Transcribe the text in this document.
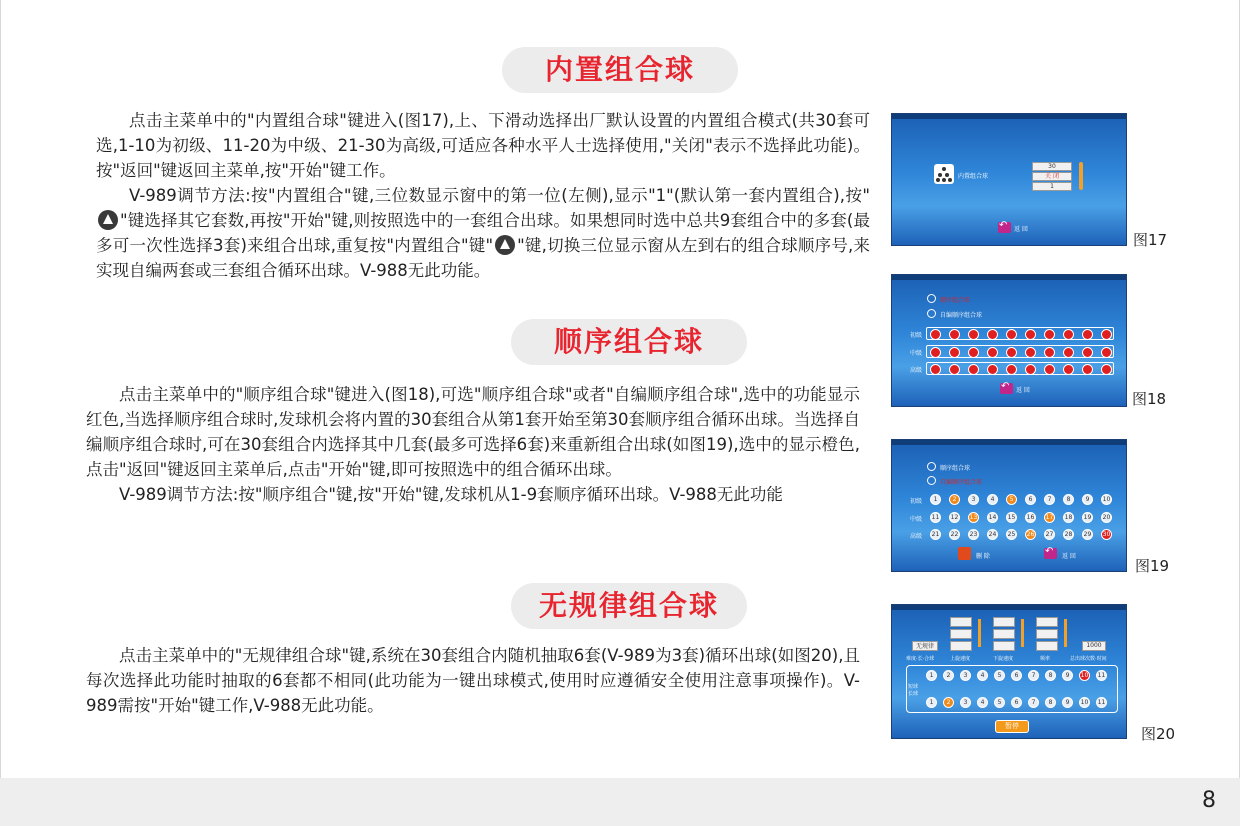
内置组合球

点击主菜单中的"内置组合球"键进入(图17),上、下滑动选择出厂默认设置的内置组合模式(共30套可选,1-10为初级、11-20为中级、21-30为高级,可适应各种水平人士选择使用,"关闭"表示不选择此功能)。按"返回"键返回主菜单,按"开始"键工作。

V-989调节方法:按"内置组合"键,三位数显示窗中的第一位(左侧),显示"1"(默认第一套内置组合),按""键选择其它套数,再按"开始"键,则按照选中的一套组合出球。如果想同时选中总共9套组合中的多套(最多可一次性选择3套)来组合出球,重复按"内置组合"键" "键,切换三位显示窗从左到右的组合球顺序号,来实现自编两套或三套组合循环出球。V-988无此功能。

顺序组合球

点击主菜单中的"顺序组合球"键进入(图18),可选"顺序组合球"或者"自编顺序组合球",选中的功能显示红色,当选择顺序组合球时,发球机会将内置的30套组合从第1套开始至第30套顺序组合循环出球。当选择自编顺序组合球时,可在30套组合内选择其中几套(最多可选择6套)来重新组合出球(如图19),选中的显示橙色,点击"返回"键返回主菜单后,点击"开始"键,即可按照选中的组合循环出球。

V-989调节方法:按"顺序组合"键,按"开始"键,发球机从1-9套顺序循环出球。V-988无此功能

无规律组合球

点击主菜单中的"无规律组合球"键,系统在30套组合内随机抽取6套(V-989为3套)循环出球(如图20),且每次选择此功能时抽取的6套都不相同(此功能为一键出球模式,使用时应遵循安全使用注意事项操作)。V-989需按"开始"键工作,V-988无此功能。

内置组合球
30
关 闭
1
↶
返 回
图17
顺序组合球
自编顺序组合球
初级
中级
高级
↶
返 回	图18
顺序组合球
自编顺序组合球
初级
中级
高级
1	2	3	4	5	6	7	8	9	10
11 12 13 14 15 16 17 18 19 20
21 22 23 24 25 26 27 28 29 30
删 除
↶	返 回
图19
无规律	1000
难度·长·合球	上旋速度	下旋速度	频率	总出球次数·时间
短球
长球
1	2	3	4	5	6	7	8	9	10 11
1	2	3	4	5	6	7	8	9	10 11
暂停	图20
8
